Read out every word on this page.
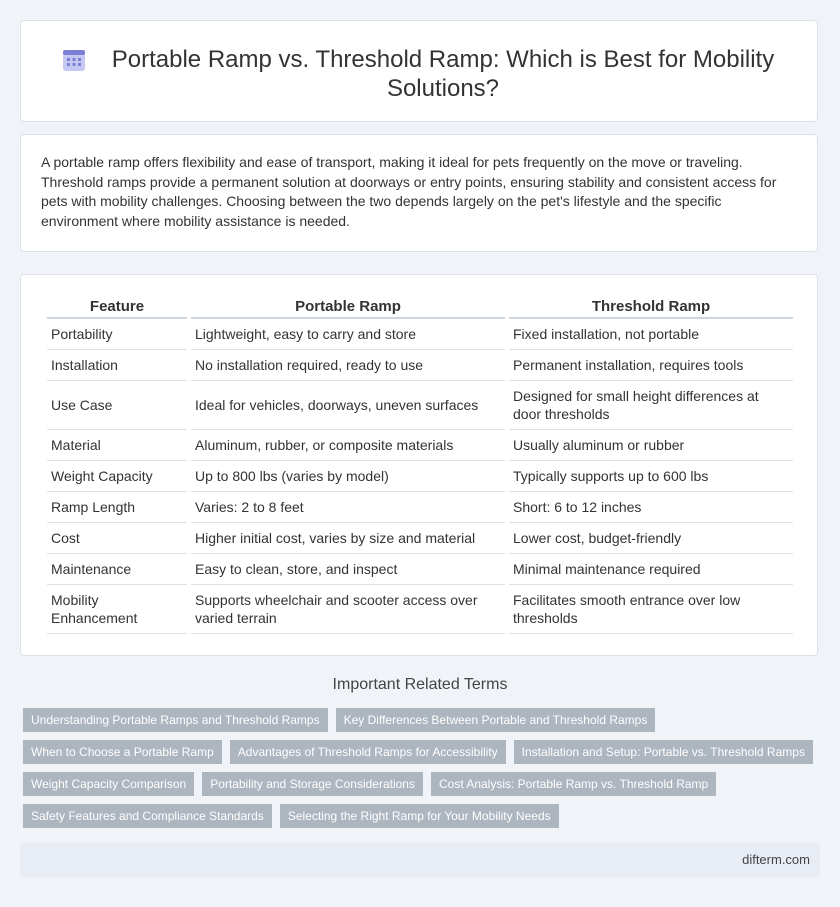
Portable Ramp vs. Threshold Ramp: Which is Best for Mobility Solutions?

A portable ramp offers flexibility and ease of transport, making it ideal for pets frequently on the move or traveling. Threshold ramps provide a permanent solution at doorways or entry points, ensuring stability and consistent access for pets with mobility challenges. Choosing between the two depends largely on the pet's lifestyle and the specific environment where mobility assistance is needed.

Feature	Portable Ramp	Threshold Ramp
Portability	Lightweight, easy to carry and store	Fixed installation, not portable
Installation	No installation required, ready to use	Permanent installation, requires tools
Use Case	Ideal for vehicles, doorways, uneven surfaces	Designed for small height differences at door thresholds
Material	Aluminum, rubber, or composite materials	Usually aluminum or rubber
Weight Capacity	Up to 800 lbs (varies by model)	Typically supports up to 600 lbs
Ramp Length	Varies: 2 to 8 feet	Short: 6 to 12 inches
Cost	Higher initial cost, varies by size and material	Lower cost, budget-friendly
Maintenance	Easy to clean, store, and inspect	Minimal maintenance required
Mobility Enhancement	Supports wheelchair and scooter access over varied terrain	Facilitates smooth entrance over low thresholds
Important Related Terms
Understanding Portable Ramps and Threshold Ramps	Key Differences Between Portable and Threshold Ramps
When to Choose a Portable Ramp	Advantages of Threshold Ramps for Accessibility	Installation and Setup: Portable vs. Threshold Ramps
Weight Capacity Comparison	Portability and Storage Considerations	Cost Analysis: Portable Ramp vs. Threshold Ramp
Safety Features and Compliance Standards	Selecting the Right Ramp for Your Mobility Needs
difterm.com
